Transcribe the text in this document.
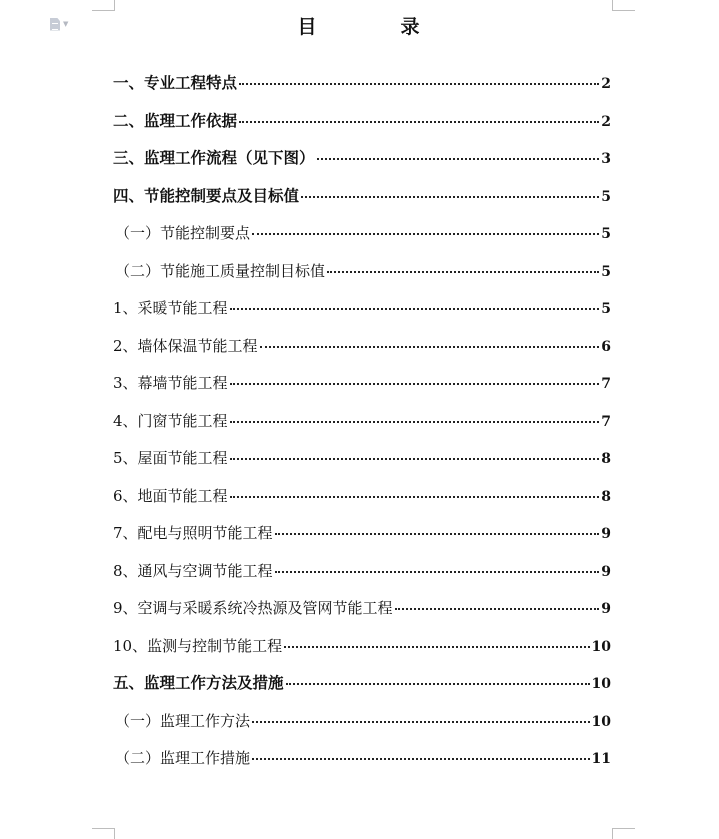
▼	目	录
一、专业工程特点	2
二、监理工作依据	2
三、监理工作流程（见下图）	3
四、节能控制要点及目标值	5
（一）节能控制要点	5
（二）节能施工质量控制目标值	5
1、采暖节能工程	5
2、墙体保温节能工程	6
3、幕墙节能工程	7
4、门窗节能工程	7
5、屋面节能工程	8
6、地面节能工程	8
7、配电与照明节能工程	9
8、通风与空调节能工程	9
9、空调与采暖系统冷热源及管网节能工程	9
10、监测与控制节能工程	10
五、监理工作方法及措施	10
（一）监理工作方法	10
（二）监理工作措施	11
